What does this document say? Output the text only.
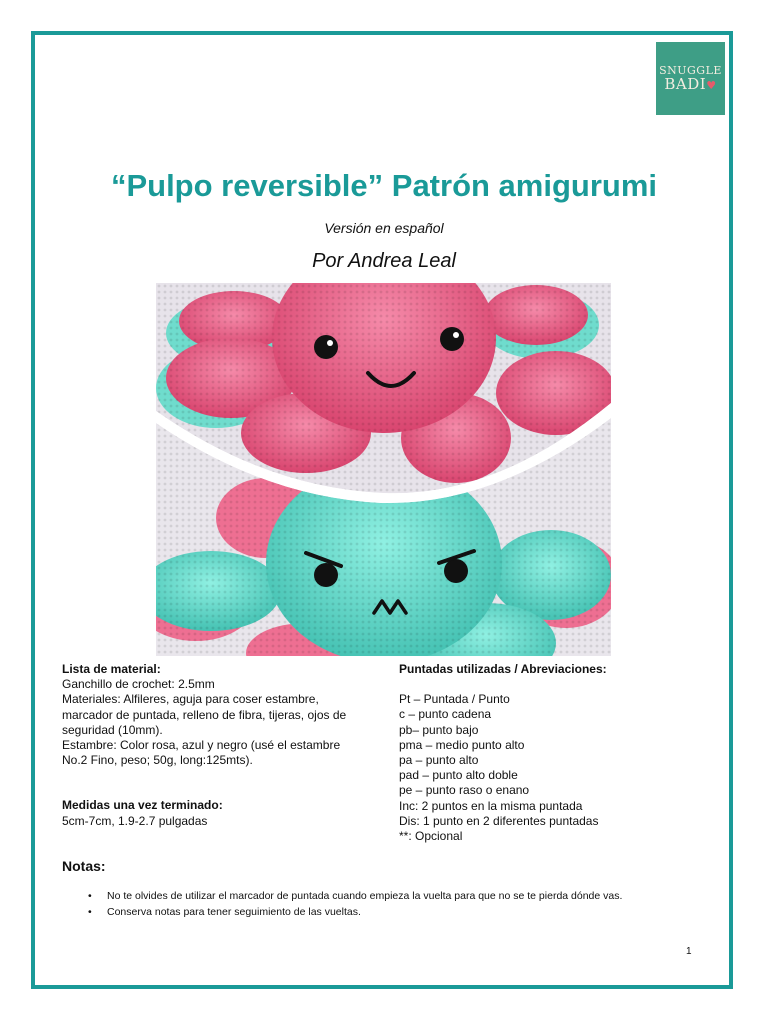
SNUGGLE
BADI♥
“Pulpo reversible” Patrón amigurumi
Versión en español
Por Andrea Leal
Lista de material:
Ganchillo de crochet: 2.5mm
Materiales: Alfileres, aguja para coser estambre,
marcador de puntada, relleno de fibra, tijeras, ojos de
seguridad (10mm).
Estambre: Color rosa, azul y negro (usé el estambre
No.2 Fino, peso; 50g, long:125mts).
Medidas una vez terminado:
5cm-7cm, 1.9-2.7 pulgadas
Puntadas utilizadas / Abreviaciones:
Pt – Puntada / Punto
c – punto cadena
pb– punto bajo
pma – medio punto alto
pa – punto alto
pad – punto alto doble
pe – punto raso o enano
Inc: 2 puntos en la misma puntada
Dis: 1 punto en 2 diferentes puntadas
**: Opcional
Notas:
• No te olvides de utilizar el marcador de puntada cuando empieza la vuelta para que no se te pierda dónde vas.
• Conserva notas para tener seguimiento de las vueltas.
1
